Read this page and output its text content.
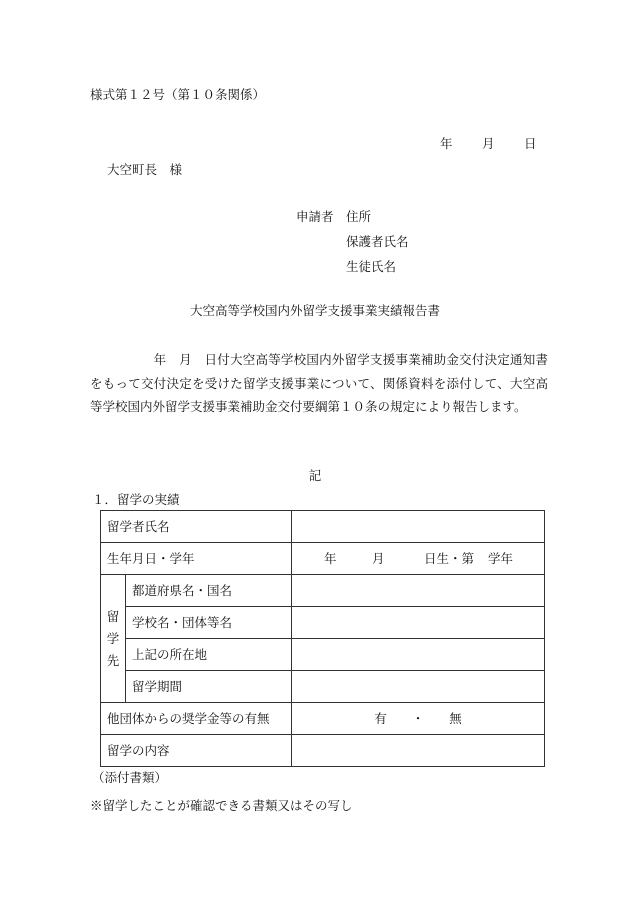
様式第１２号（第１０条関係）
年 月 日
大空町長　様
申請者 住所
保護者氏名
生徒氏名
大空高等学校国内外留学支援事業実績報告書
　　　　　年　月　日付大空高等学校国内外留学支援事業補助金交付決定通知書をもって交付決定を受けた留学支援事業について、関係資料を添付して、大空高等学校国内外留学支援事業補助金交付要綱第１０条の規定により報告します。
記
１．留学の実績
留学者氏名		
生年月日・学年		年 月 日生・第 学年

留
学
先	都道府県名・国名	
	学校名・団体等名	
	上記の所在地	
	留学期間	
他団体からの奨学金等の有無		有　　・　　無
留学の内容		
（添付書類）
※留学したことが確認できる書類又はその写し
